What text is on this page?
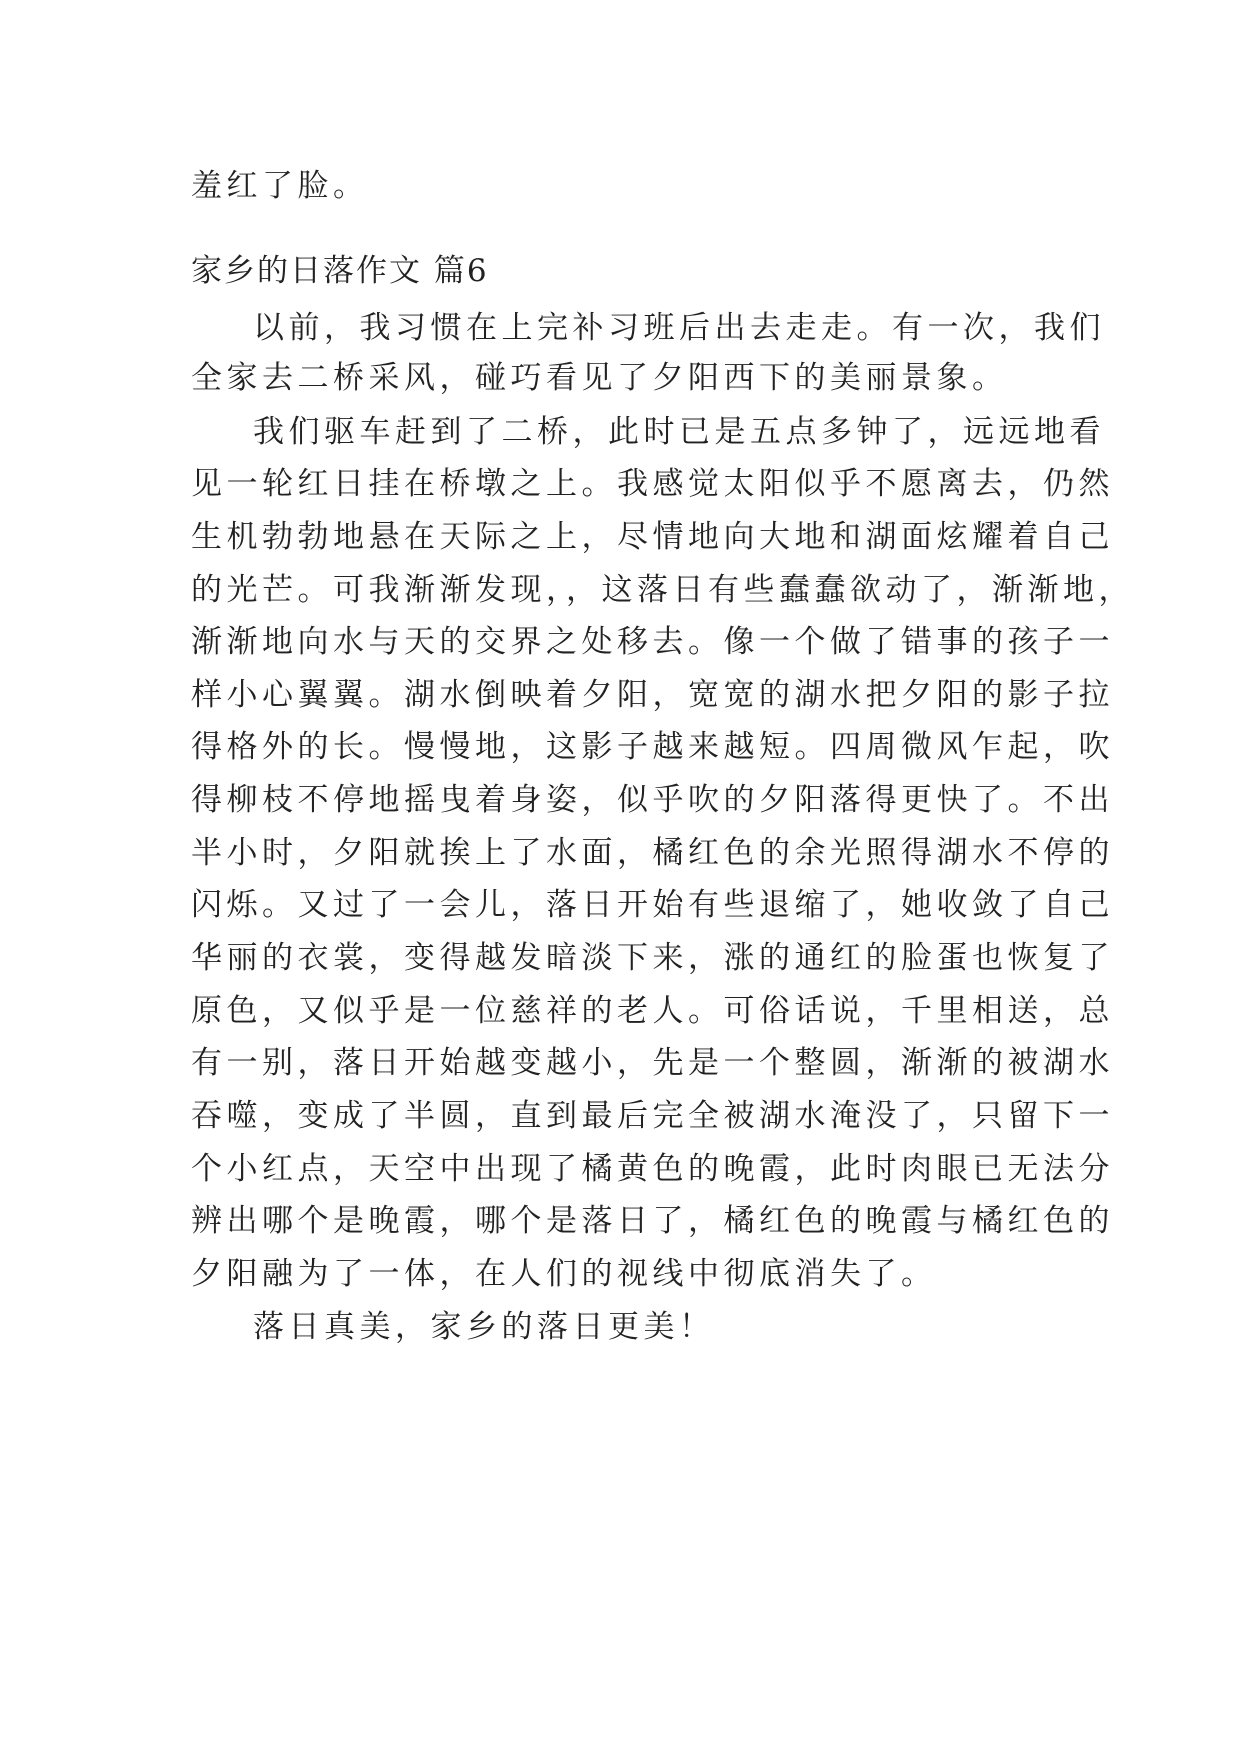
羞红了脸。
家乡的日落作文 篇6
以前，我习惯在上完补习班后出去走走。有一次，我们
全家去二桥采风，碰巧看见了夕阳西下的美丽景象。
我们驱车赶到了二桥，此时已是五点多钟了，远远地看
见一轮红日挂在桥墩之上。我感觉太阳似乎不愿离去，仍然
生机勃勃地悬在天际之上，尽情地向大地和湖面炫耀着自己
的光芒。可我渐渐发现，，这落日有些蠢蠢欲动了，渐渐地，
渐渐地向水与天的交界之处移去。像一个做了错事的孩子一
样小心翼翼。湖水倒映着夕阳，宽宽的湖水把夕阳的影子拉
得格外的长。慢慢地，这影子越来越短。四周微风乍起，吹
得柳枝不停地摇曳着身姿，似乎吹的夕阳落得更快了。不出
半小时，夕阳就挨上了水面，橘红色的余光照得湖水不停的
闪烁。又过了一会儿，落日开始有些退缩了，她收敛了自己
华丽的衣裳，变得越发暗淡下来，涨的通红的脸蛋也恢复了
原色，又似乎是一位慈祥的老人。可俗话说，千里相送，总
有一别，落日开始越变越小，先是一个整圆，渐渐的被湖水
吞噬，变成了半圆，直到最后完全被湖水淹没了，只留下一
个小红点，天空中出现了橘黄色的晚霞，此时肉眼已无法分
辨出哪个是晚霞，哪个是落日了，橘红色的晚霞与橘红色的
夕阳融为了一体，在人们的视线中彻底消失了。
落日真美，家乡的落日更美！
